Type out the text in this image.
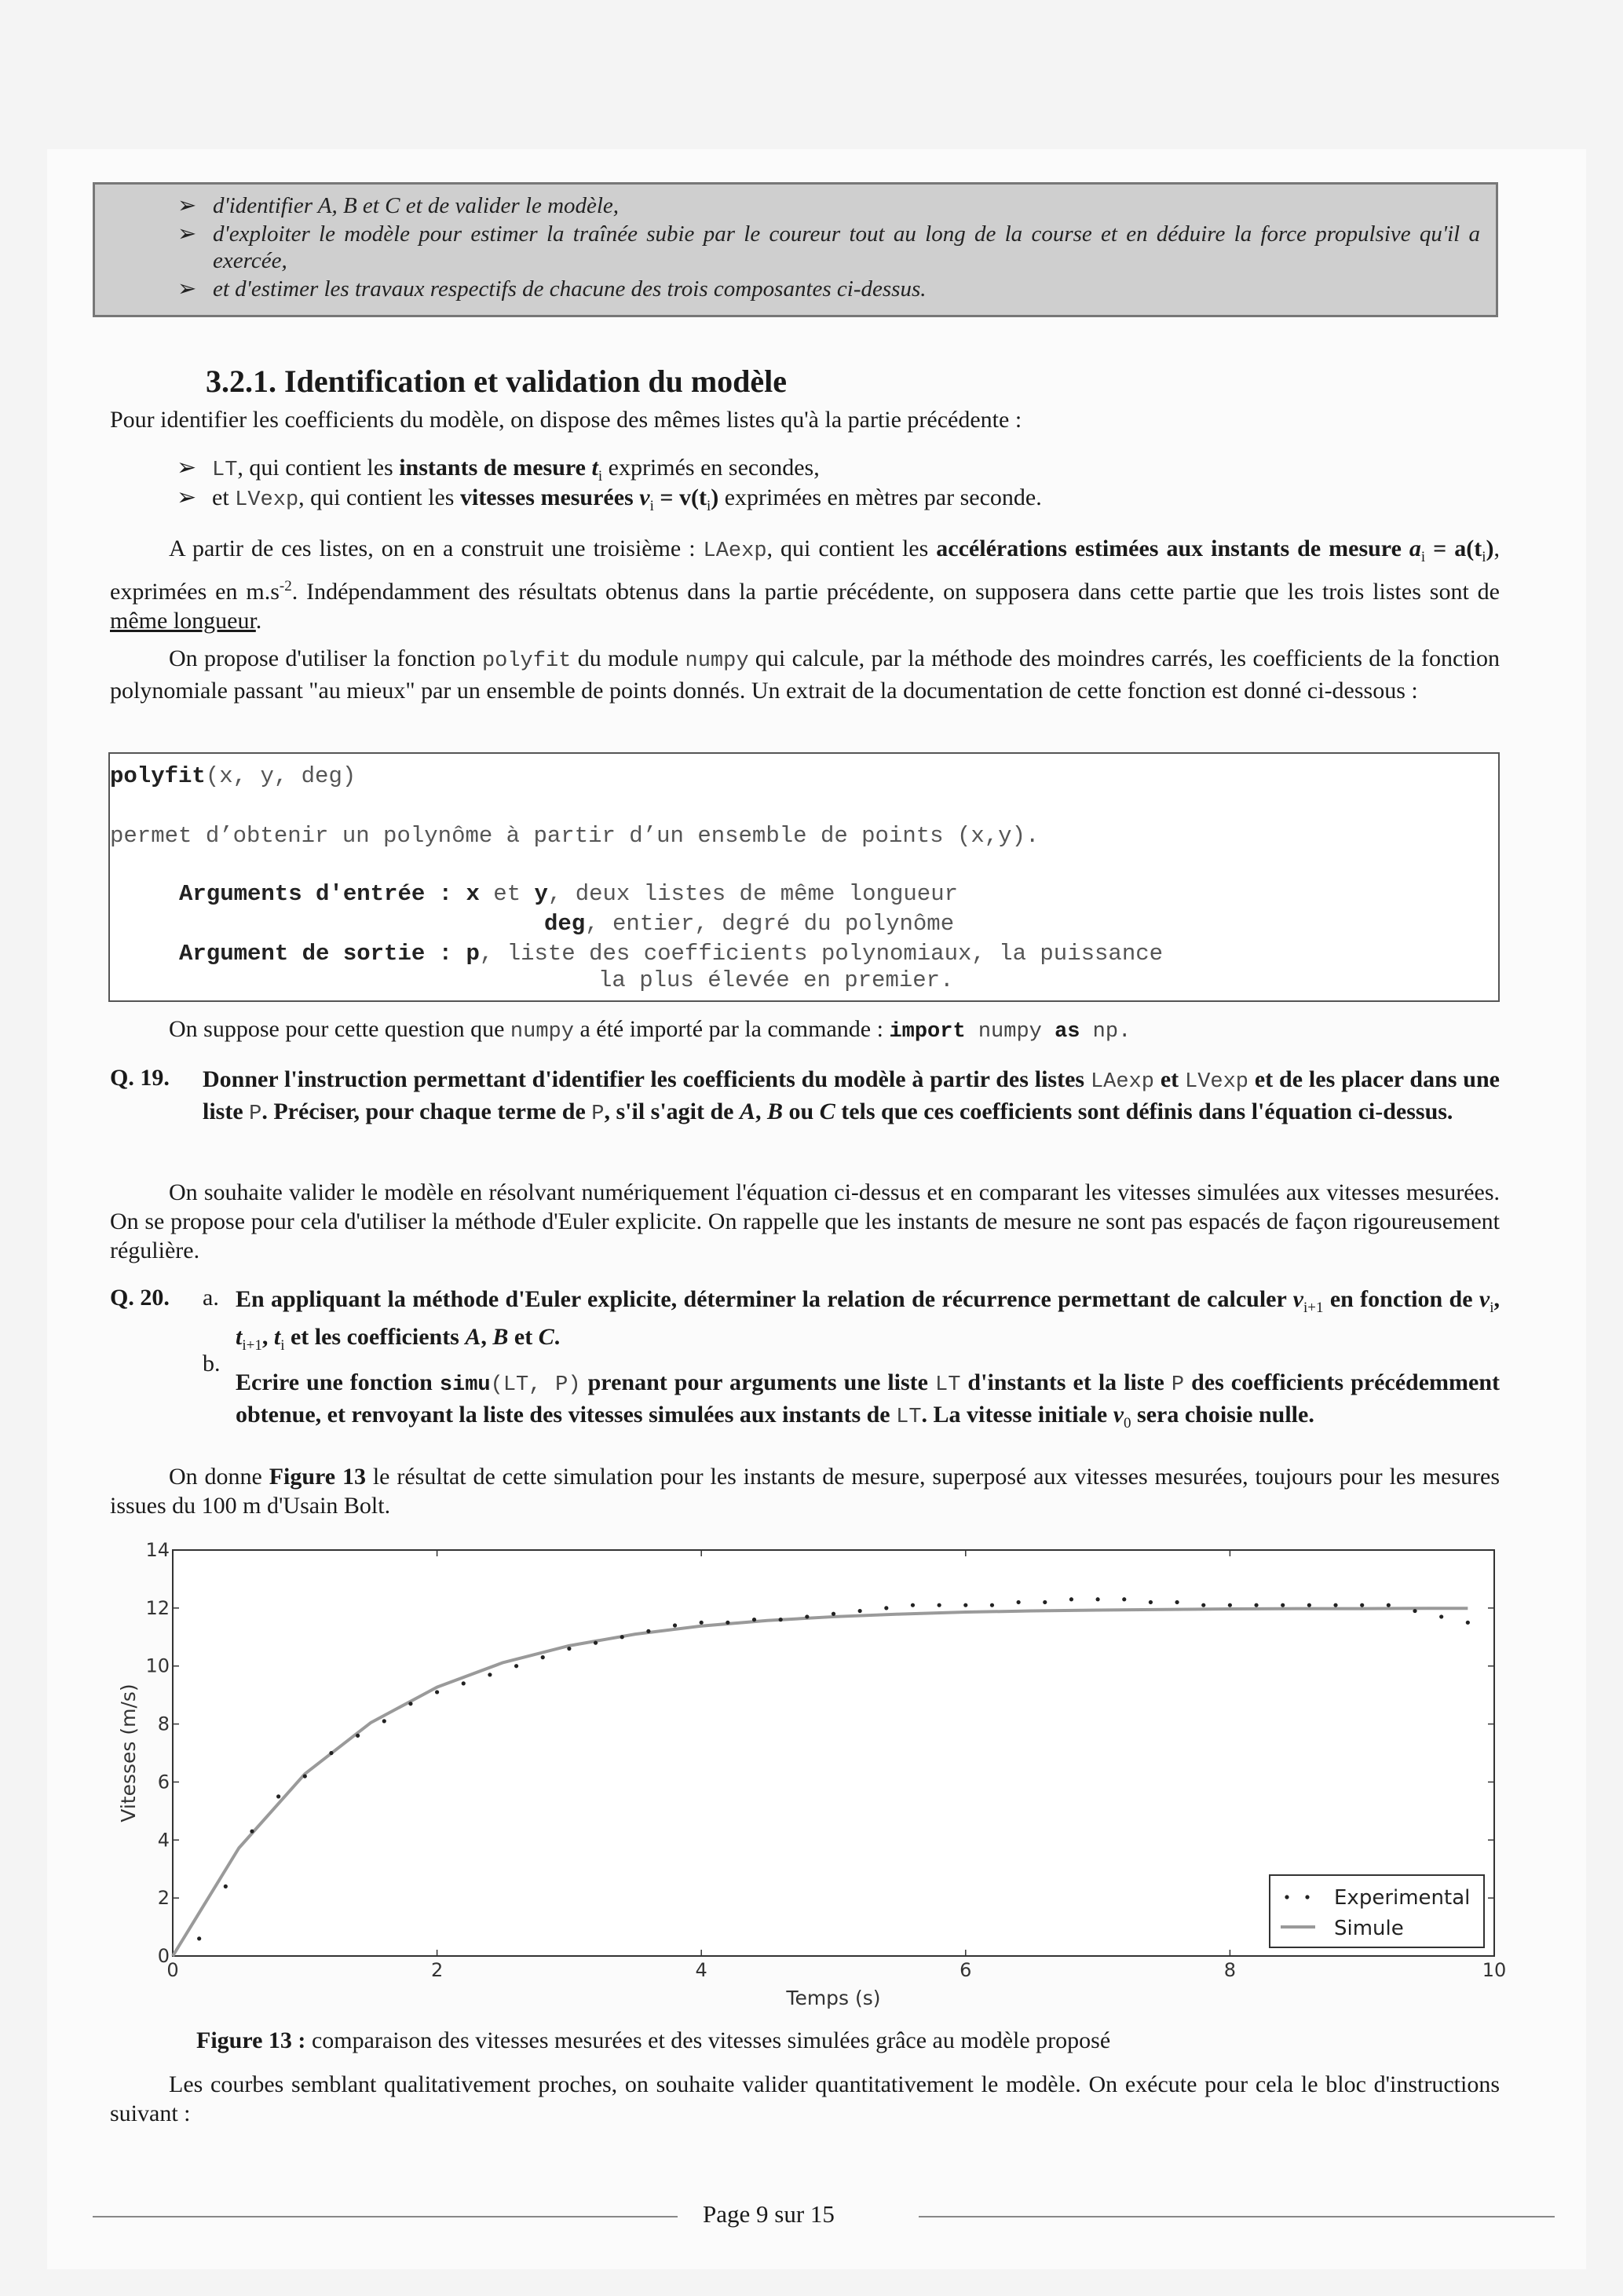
➢ d'identifier A, B et C et de valider le modèle,
➢ d'exploiter le modèle pour estimer la traînée subie par le coureur tout au long de la course et en déduire la force propulsive qu'il a exercée,
➢ et d'estimer les travaux respectifs de chacune des trois composantes ci-dessus.
3.2.1. Identification et validation du modèle
Pour identifier les coefficients du modèle, on dispose des mêmes listes qu'à la partie précédente :
➢ LT, qui contient les instants de mesure $t_i$ exprimés en secondes,
➢ et LVexp, qui contient les vitesses mesurées $v_i = v(t_i)$ exprimées en mètres par seconde.
A partir de ces listes, on en a construit une troisième : LAexp, qui contient les accélérations estimées aux instants de mesure $a_i = a(t_i)$, exprimées en $m.s^{-2}$. Indépendamment des résultats obtenus dans la partie précédente, on supposera dans cette partie que les trois listes sont de même longueur.
On propose d'utiliser la fonction polyfit du module numpy qui calcule, par la méthode des moindres carrés, les coefficients de la fonction polynomiale passant "au mieux" par un ensemble de points donnés. Un extrait de la documentation de cette fonction est donné ci-dessous :
polyfit(x, y, deg)
permet d’obtenir un polynôme à partir d’un ensemble de points (x,y).
Arguments d'entrée : x et y, deux listes de même longueur
deg, entier, degré du polynôme
Argument de sortie : p, liste des coefficients polynomiaux, la puissance
la plus élevée en premier.
On suppose pour cette question que numpy a été importé par la commande : import numpy as np.
Q. 19. Donner l'instruction permettant d'identifier les coefficients du modèle à partir des listes LAexp et LVexp et de les placer dans une liste P. Préciser, pour chaque terme de P, s'il s'agit de A, B ou C tels que ces coefficients sont définis dans l'équation ci-dessus.
On souhaite valider le modèle en résolvant numériquement l'équation ci-dessus et en comparant les vitesses simulées aux vitesses mesurées. On se propose pour cela d'utiliser la méthode d'Euler explicite. On rappelle que les instants de mesure ne sont pas espacés de façon rigoureusement régulière.
Q. 20. a. En appliquant la méthode d'Euler explicite, déterminer la relation de récurrence permettant de calculer $v_{i+1}$ en fonction de $v_i$, $t_{i+1}$, $t_i$ et les coefficients A, B et C.
b.
Ecrire une fonction simu(LT, P) prenant pour arguments une liste LT d'instants et la liste P des coefficients précédemment obtenue, et renvoyant la liste des vitesses simulées aux instants de LT. La vitesse initiale $v_0$ sera choisie nulle.
On donne Figure 13 le résultat de cette simulation pour les instants de mesure, superposé aux vitesses mesurées, toujours pour les mesures issues du 100 m d'Usain Bolt.
0	2	4	6	8	10
0
2
4
6
8
10
12
14
Temps (s)
Vitesses (m/s)
Experimental
Simule
Figure 13 : comparaison des vitesses mesurées et des vitesses simulées grâce au modèle proposé
Les courbes semblant qualitativement proches, on souhaite valider quantitativement le modèle. On exécute pour cela le bloc d'instructions suivant :
Page 9 sur 15
